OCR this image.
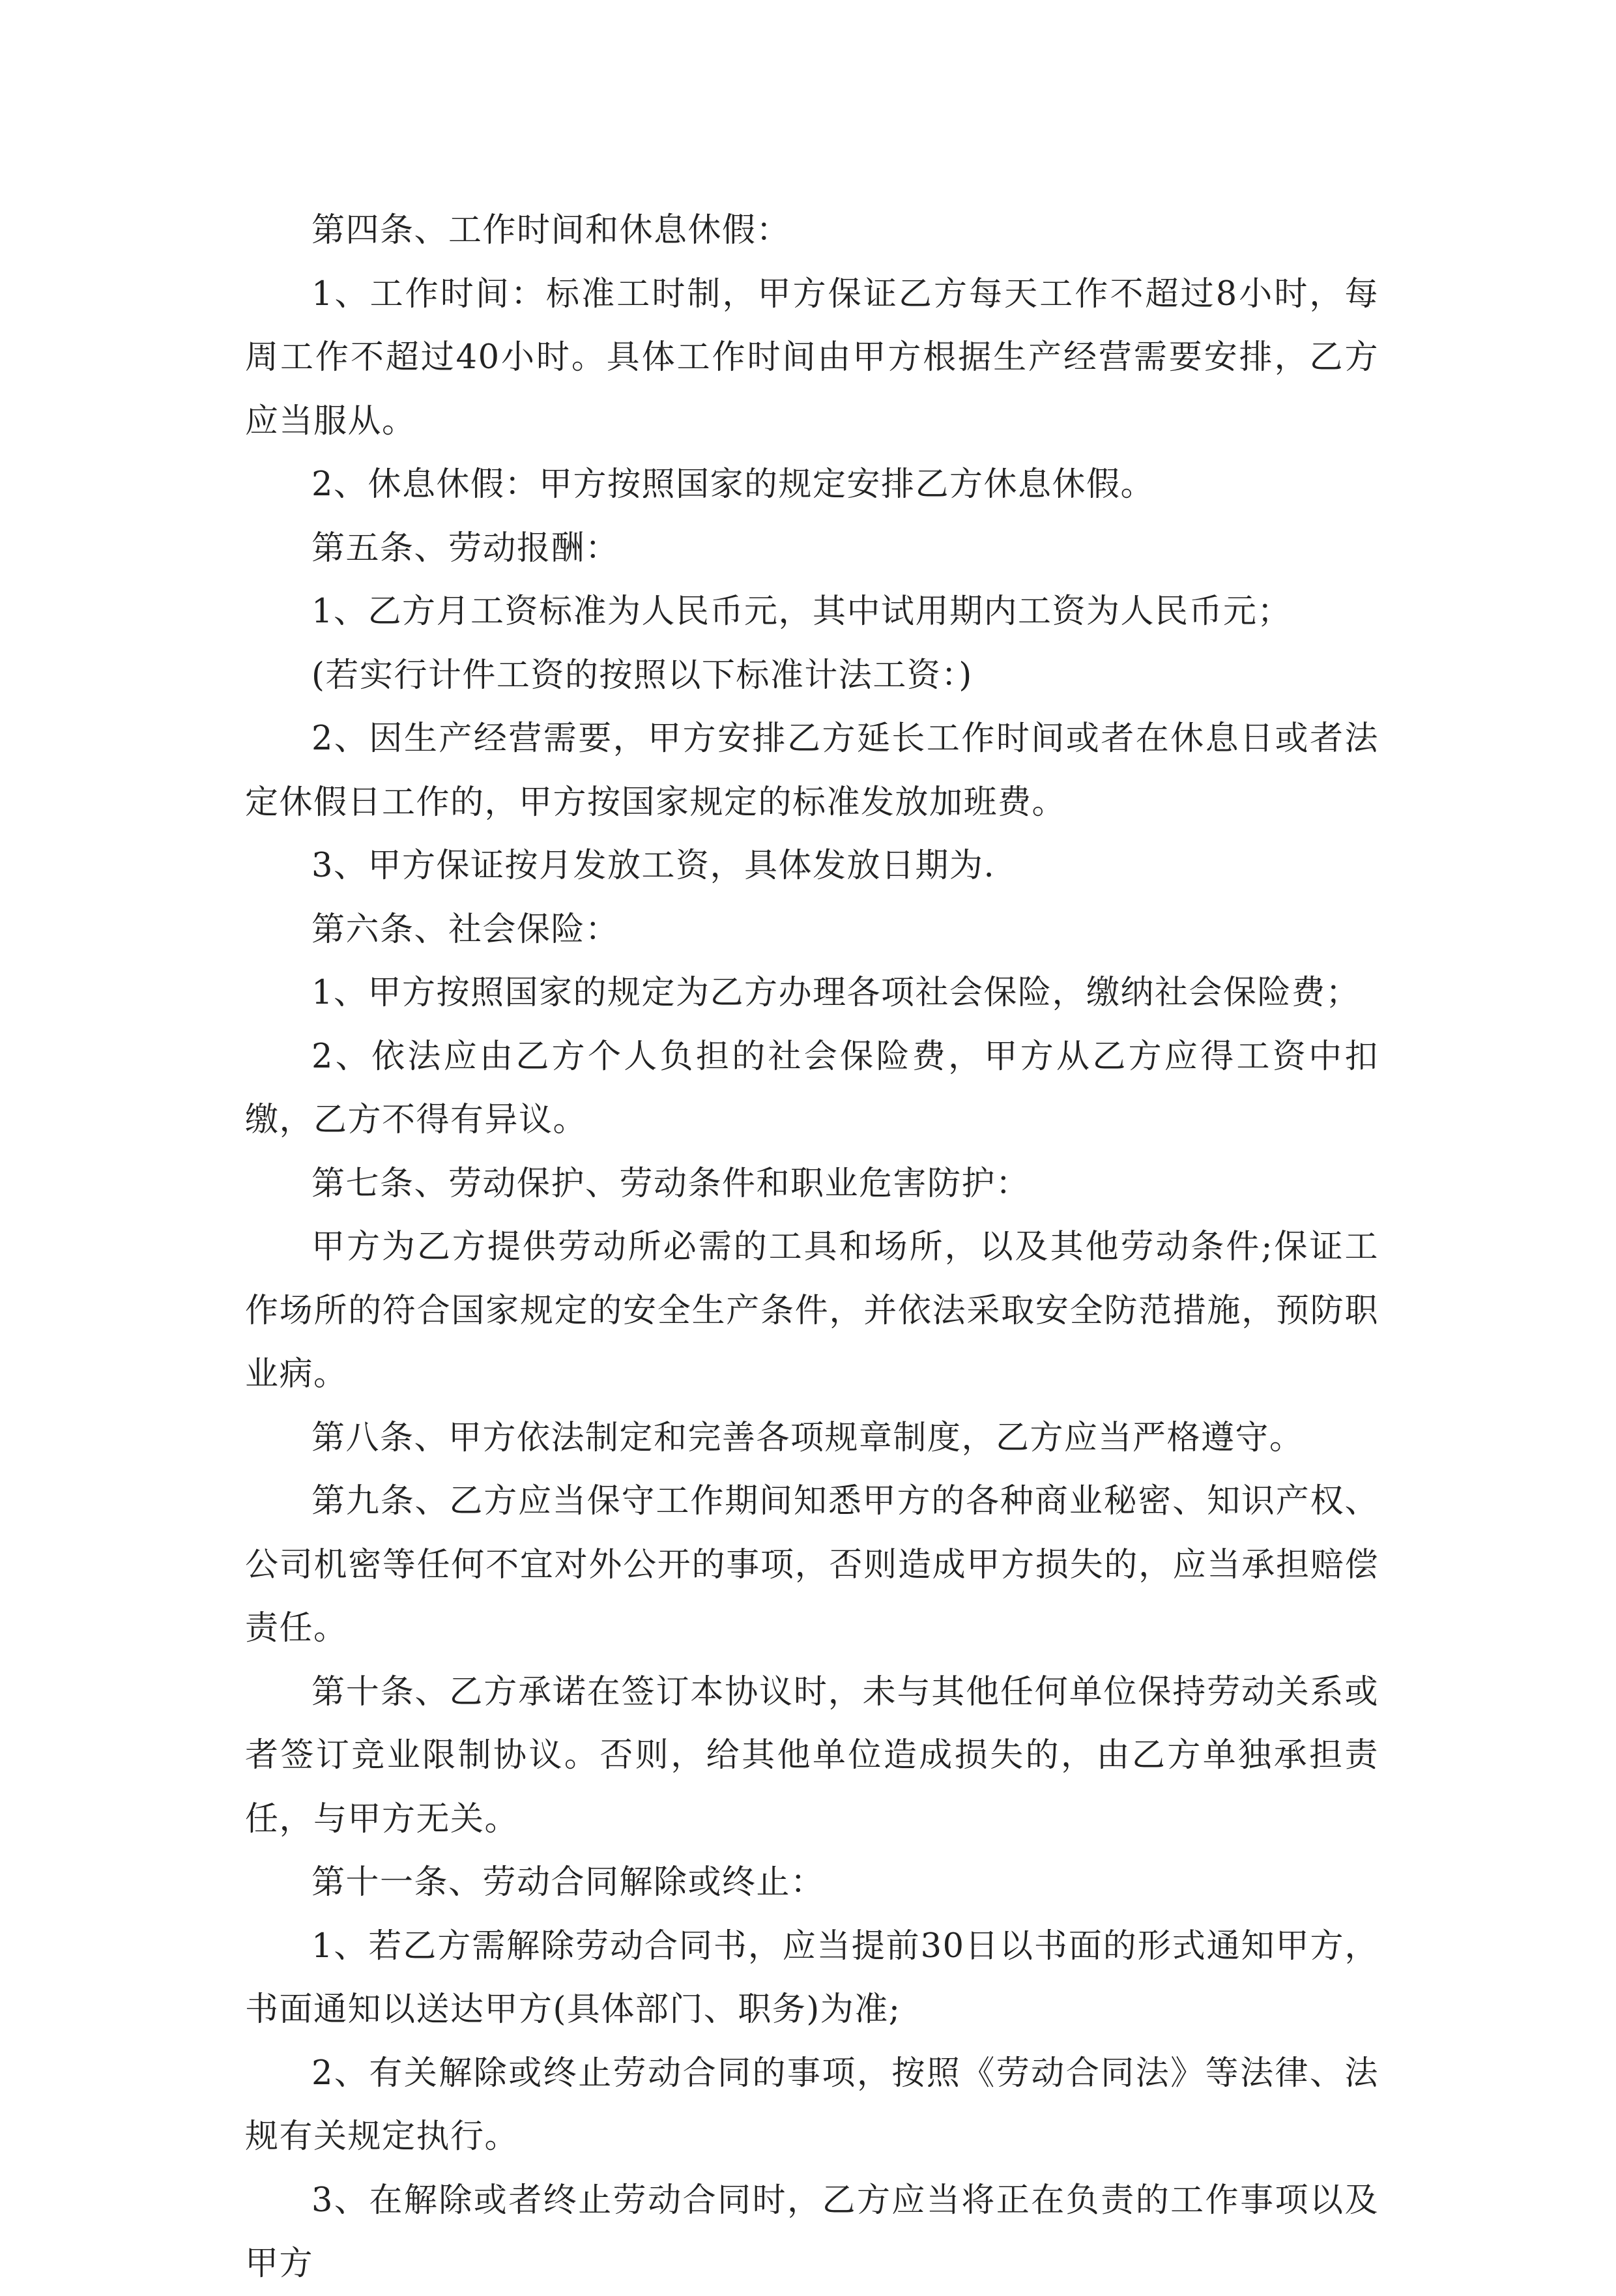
第四条、工作时间和休息休假：

1、工作时间：标准工时制，甲方保证乙方每天工作不超过8小时，每周工作不超过40小时。具体工作时间由甲方根据生产经营需要安排，乙方应当服从。

2、休息休假：甲方按照国家的规定安排乙方休息休假。

第五条、劳动报酬：

1、乙方月工资标准为人民币元，其中试用期内工资为人民币元；

(若实行计件工资的按照以下标准计法工资：)

2、因生产经营需要，甲方安排乙方延长工作时间或者在休息日或者法定休假日工作的，甲方按国家规定的标准发放加班费。

3、甲方保证按月发放工资，具体发放日期为.

第六条、社会保险：

1、甲方按照国家的规定为乙方办理各项社会保险，缴纳社会保险费；

2、依法应由乙方个人负担的社会保险费，甲方从乙方应得工资中扣缴，乙方不得有异议。

第七条、劳动保护、劳动条件和职业危害防护：

甲方为乙方提供劳动所必需的工具和场所，以及其他劳动条件;保证工作场所的符合国家规定的安全生产条件，并依法采取安全防范措施，预防职业病。

第八条、甲方依法制定和完善各项规章制度，乙方应当严格遵守。

第九条、乙方应当保守工作期间知悉甲方的各种商业秘密、知识产权、公司机密等任何不宜对外公开的事项，否则造成甲方损失的，应当承担赔偿责任。

第十条、乙方承诺在签订本协议时，未与其他任何单位保持劳动关系或者签订竞业限制协议。否则，给其他单位造成损失的，由乙方单独承担责任，与甲方无关。

第十一条、劳动合同解除或终止：

1、若乙方需解除劳动合同书，应当提前30日以书面的形式通知甲方，书面通知以送达甲方(具体部门、职务)为准;

2、有关解除或终止劳动合同的事项，按照《劳动合同法》等法律、法规有关规定执行。

3、在解除或者终止劳动合同时，乙方应当将正在负责的工作事项以及甲方
